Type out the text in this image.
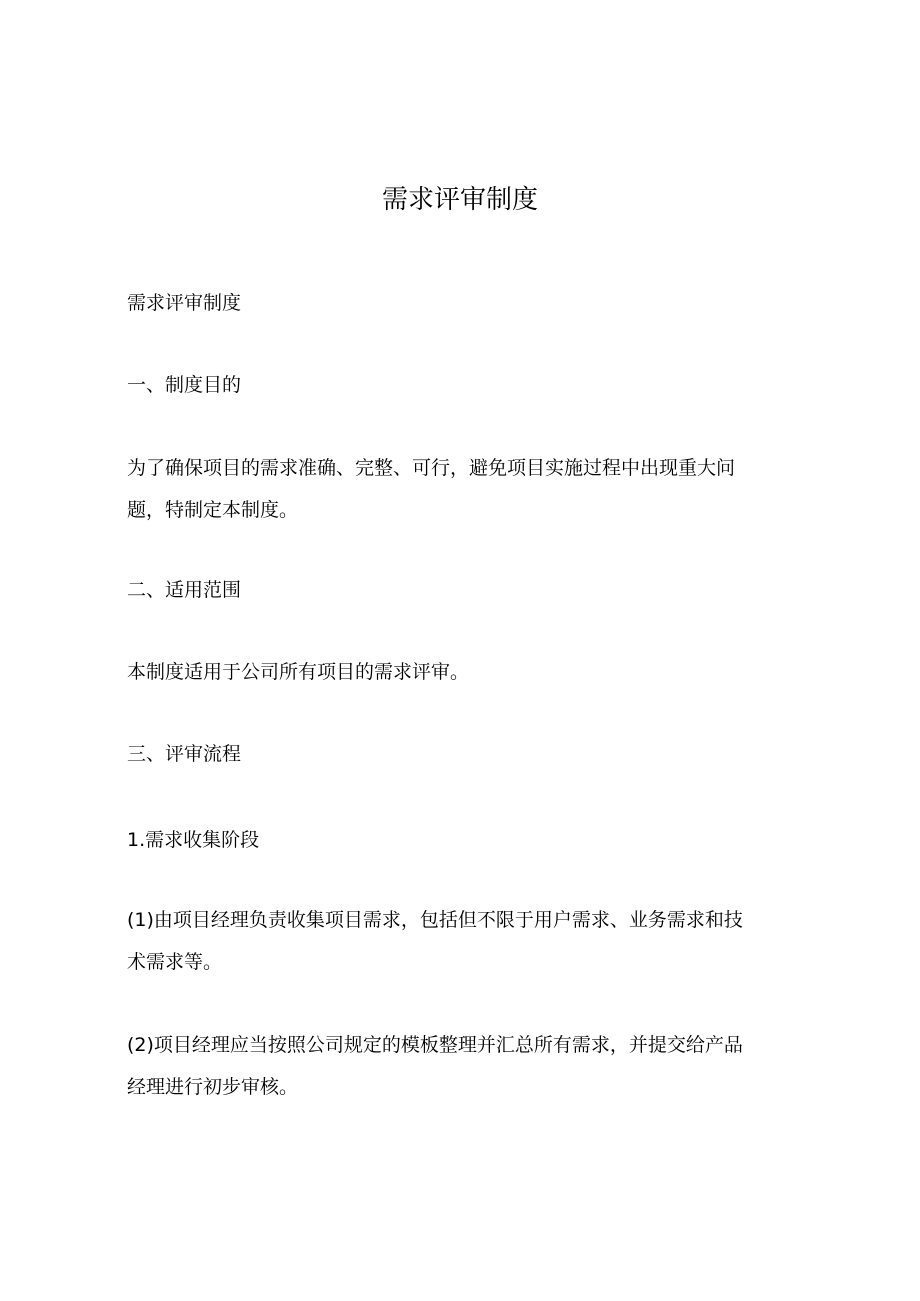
需求评审制度

需求评审制度

一、制度目的

为了确保项目的需求准确、完整、可行，避免项目实施过程中出现重大问
题，特制定本制度。

二、适用范围

本制度适用于公司所有项目的需求评审。

三、评审流程

1.需求收集阶段

(1)由项目经理负责收集项目需求，包括但不限于用户需求、业务需求和技
术需求等。

(2)项目经理应当按照公司规定的模板整理并汇总所有需求，并提交给产品
经理进行初步审核。
